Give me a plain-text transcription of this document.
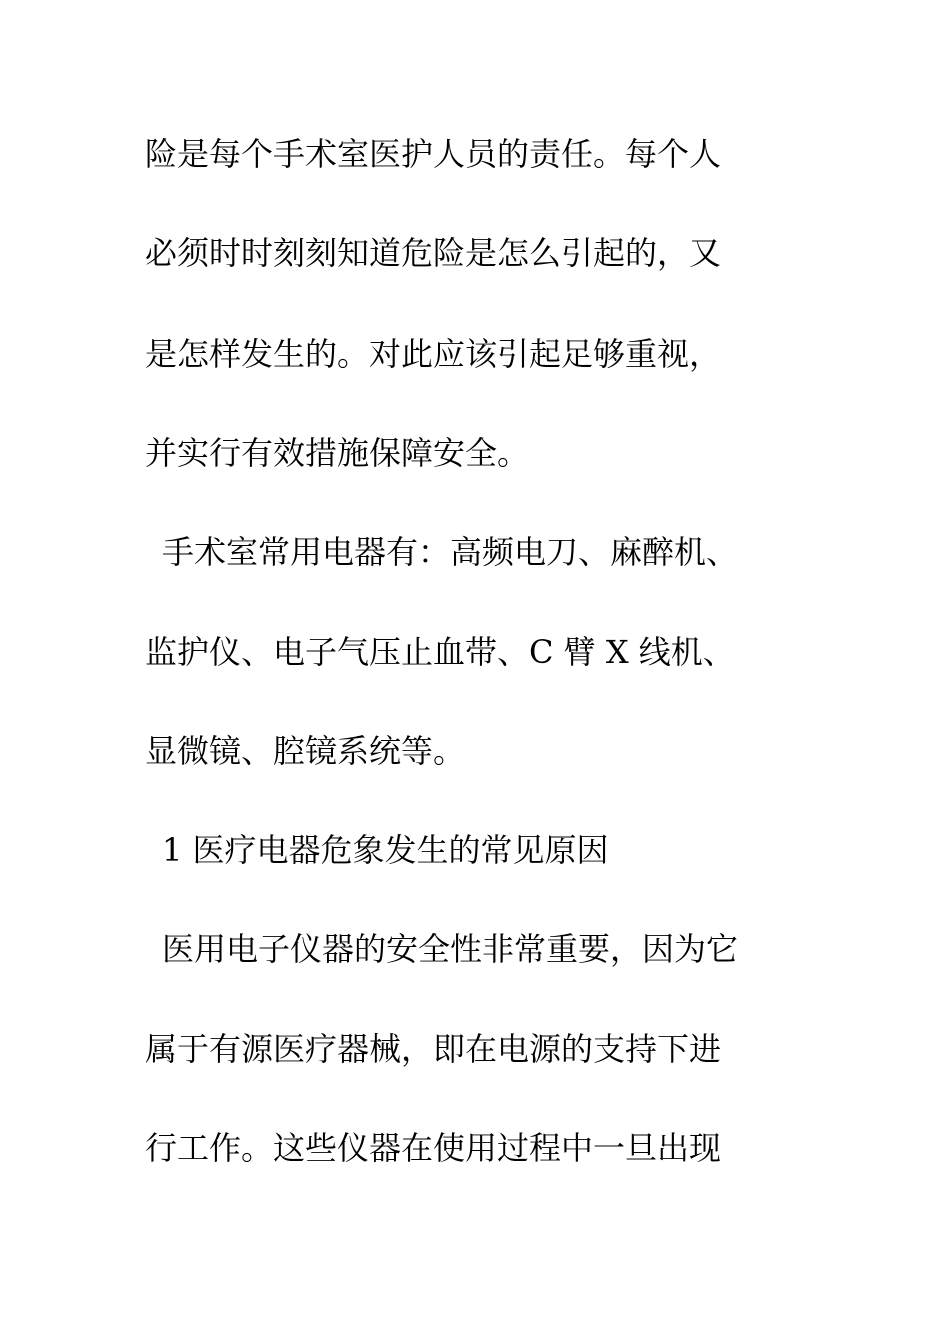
险是每个手术室医护人员的责任。每个人
必须时时刻刻知道危险是怎么引起的，又
是怎样发生的。对此应该引起足够重视，
并实行有效措施保障安全。
手术室常用电器有：高频电刀、麻醉机、
监护仪、电子气压止血带、C 臂 X 线机、
显微镜、腔镜系统等。
1 医疗电器危象发生的常见原因
医用电子仪器的安全性非常重要，因为它
属于有源医疗器械，即在电源的支持下进
行工作。这些仪器在使用过程中一旦出现
